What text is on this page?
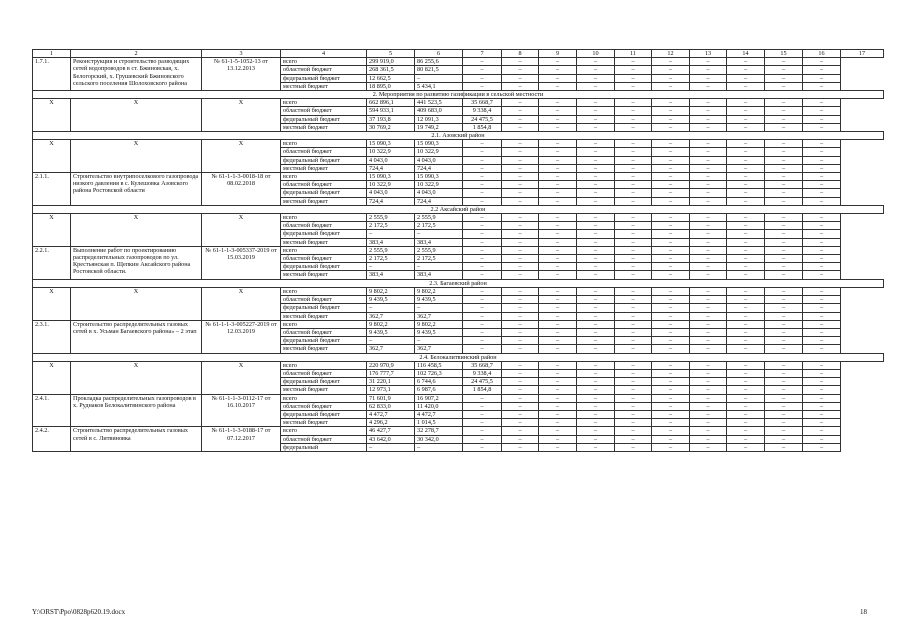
1	2	3	4	5	6	7	8	9	10	11	12	13	14	15	16	17
1.7.1.	Реконструкция и строительство разводящих сетей водопроводов в ст. Бжиновская, х. Белогорский, х. Грушевский Бжиновского сельского поселения Шолоховского района	№ 61-1-5-1052-13 от 13.12.2013	всего	299 919,0	86 255,6	–	–	–	–	–	–	–	–	–	–	
			областной бюджет	268 361,5	80 821,5	–	–	–	–	–	–	–	–	–	–	
			федеральный бюджет	12 662,5	–	–	–	–	–	–	–	–	–	–	–	
			местный бюджет	18 895,0	5 434,1	–	–	–	–	–	–	–	–	–	–	
2. Мероприятия по развитию газификации в сельской местности																
Х	Х	Х	всего	662 896,1	441 523,5	35 668,7	–	–	–	–	–	–	–	–	–	
			областной бюджет	594 933,1	409 683,0	9 338,4	–	–	–	–	–	–	–	–	–	
			федеральный бюджет	37 193,8	12 091,3	24 475,5	–	–	–	–	–	–	–	–	–	
			местный бюджет	30 769,2	19 749,2	1 854,8	–	–	–	–	–	–	–	–	–	
2.1. Азовский район																
Х	Х	Х	всего	15 090,3	15 090,3	–	–	–	–	–	–	–	–	–	–	
			областной бюджет	10 322,9	10 322,9	–	–	–	–	–	–	–	–	–	–	
			федеральный бюджет	4 043,0	4 043,0	–	–	–	–	–	–	–	–	–	–	
			местный бюджет	724,4	724,4	–	–	–	–	–	–	–	–	–	–	
2.1.1.	Строительство внутрипоселкового газопровода низкого давления в с. Кулешовка Азовского района Ростовской области	№ 61-1-1-3-0018-18 от 08.02.2018	всего	15 090,3	15 090,3	–	–	–	–	–	–	–	–	–	–	
			областной бюджет	10 322,9	10 322,9	–	–	–	–	–	–	–	–	–	–	
			федеральный бюджет	4 043,0	4 043,0	–	–	–	–	–	–	–	–	–	–	
			местный бюджет	724,4	724,4	–	–	–	–	–	–	–	–	–	–	
2.2 Аксайский район																
Х	Х	Х	всего	2 555,9	2 555,9	–	–	–	–	–	–	–	–	–	–	
			областной бюджет	2 172,5	2 172,5	–	–	–	–	–	–	–	–	–	–	
			федеральный бюджет	–	–	–	–	–	–	–	–	–	–	–	–	
			местный бюджет	383,4	383,4	–	–	–	–	–	–	–	–	–	–	
2.2.1.	Выполнение работ по проектированию распределительных газопроводов по ул. Крестьянская п. Щепкин Аксайского района Ростовской области.	№ 61-1-1-3-005337-2019 от 15.03.2019	всего	2 555,9	2 555,9	–	–	–	–	–	–	–	–	–	–	
			областной бюджет	2 172,5	2 172,5	–	–	–	–	–	–	–	–	–	–	
			федеральный бюджет	–	–	–	–	–	–	–	–	–	–	–	–	
			местный бюджет	383,4	383,4	–	–	–	–	–	–	–	–	–	–	
2.3. Багаевский район																
Х	Х	Х	всего	9 802,2	9 802,2	–	–	–	–	–	–	–	–	–	–	
			областной бюджет	9 439,5	9 439,5	–	–	–	–	–	–	–	–	–	–	
			федеральный бюджет	–	–	–	–	–	–	–	–	–	–	–	–	
			местный бюджет	362,7	362,7	–	–	–	–	–	–	–	–	–	–	
2.3.1.	Строительство распределительных газовых сетей в х. Усьман Багаевского района» – 2 этап	№ 61-1-1-3-005227-2019 от 12.03.2019	всего	9 802,2	9 802,2	–	–	–	–	–	–	–	–	–	–	
			областной бюджет	9 439,5	9 439,5	–	–	–	–	–	–	–	–	–	–	
			федеральный бюджет	–	–	–	–	–	–	–	–	–	–	–	–	
			местный бюджет	362,7	362,7	–	–	–	–	–	–	–	–	–	–	
2.4. Белокалитвинский район																
Х	Х	Х	всего	220 970,9	116 458,5	35 668,7	–	–	–	–	–	–	–	–	–	
			областной бюджет	176 777,7	102 726,3	9 338,4	–	–	–	–	–	–	–	–	–	
			федеральный бюджет	31 220,1	6 744,6	24 475,5	–	–	–	–	–	–	–	–	–	
			местный бюджет	12 973,1	6 987,6	1 854,8	–	–	–	–	–	–	–	–	–	
2.4.1.	Прокладка распределительных газопроводов в х. Руднаков Белокалитвинского района	№ 61-1-1-3-0112-17 от 16.10.2017	всего	71 601,9	16 907,2	–	–	–	–	–	–	–	–	–	–	
			областной бюджет	62 833,0	11 420,0	–	–	–	–	–	–	–	–	–	–	
			федеральный бюджет	4 472,7	4 472,7	–	–	–	–	–	–	–	–	–	–	
			местный бюджет	4 296,2	1 014,5	–	–	–	–	–	–	–	–	–	–	
2.4.2.	Строительство распределительных газовых сетей в с. Литвиновка	№ 61-1-1-3-0188-17 от 07.12.2017	всего	46 427,7	32 278,7	–	–	–	–	–	–	–	–	–	–	
			областной бюджет	43 642,0	30 342,0	–	–	–	–	–	–	–	–	–	–	
			федеральный	–	–	–	–	–	–	–	–	–	–	–	–	
Y:\ORST\Ppo\0828p620.19.docx	18
